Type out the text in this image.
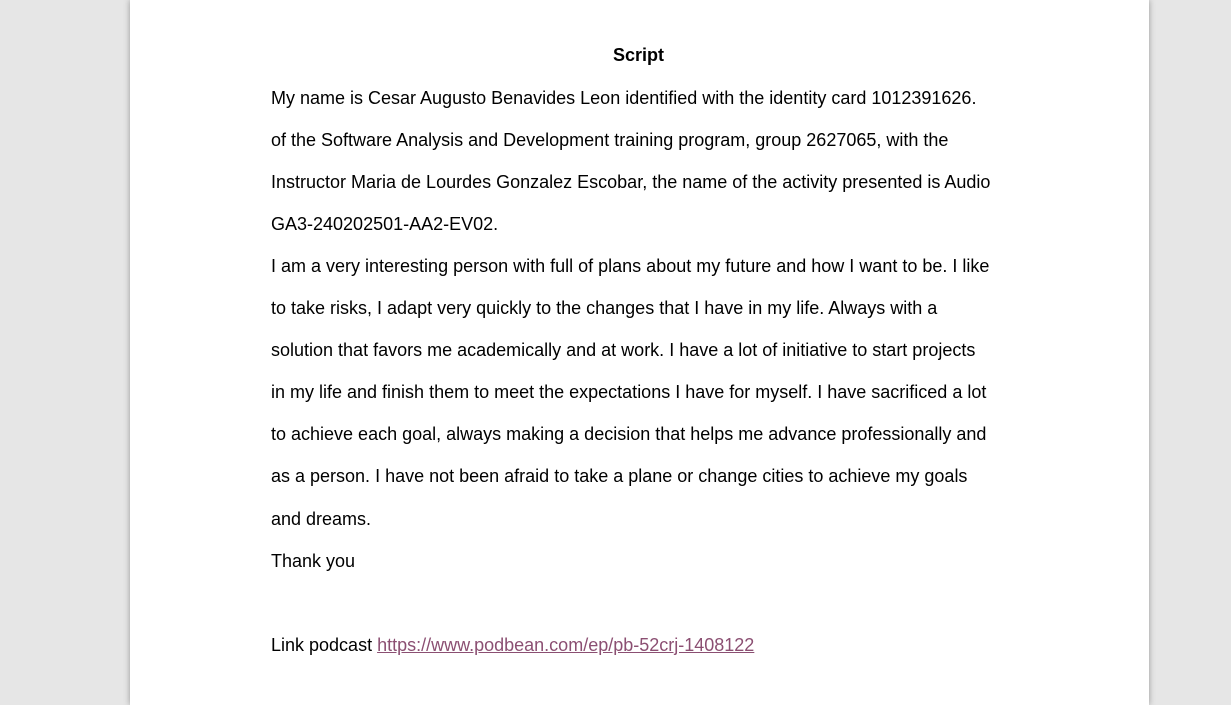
Script
My name is Cesar Augusto Benavides Leon identified with the identity card 1012391626.
of the Software Analysis and Development training program, group 2627065, with the
Instructor Maria de Lourdes Gonzalez Escobar, the name of the activity presented is Audio
GA3-240202501-AA2-EV02.
I am a very interesting person with full of plans about my future and how I want to be. I like
to take risks, I adapt very quickly to the changes that I have in my life. Always with a
solution that favors me academically and at work. I have a lot of initiative to start projects
in my life and finish them to meet the expectations I have for myself. I have sacrificed a lot
to achieve each goal, always making a decision that helps me advance professionally and
as a person. I have not been afraid to take a plane or change cities to achieve my goals
and dreams.
Thank you
Link podcast https://www.podbean.com/ep/pb-52crj-1408122
